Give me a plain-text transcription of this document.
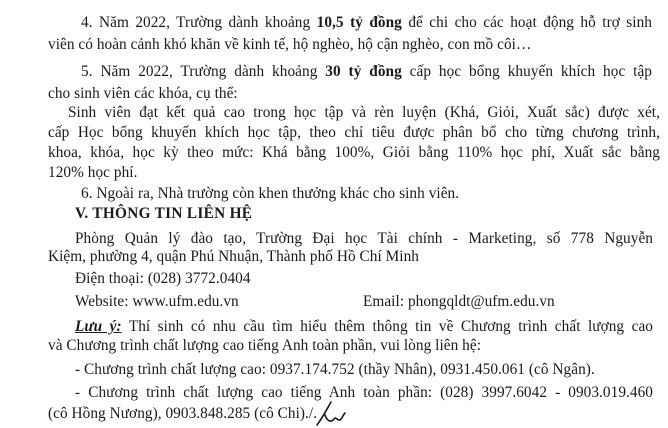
4. Năm 2022, Trường dành khoảng 10,5 tỷ đồng để chi cho các hoạt động hỗ trợ sinh
viên có hoàn cảnh khó khăn về kinh tế, hộ nghèo, hộ cận nghèo, con mồ côi…
5. Năm 2022, Trường dành khoảng 30 tỷ đồng cấp học bổng khuyến khích học tập
cho sinh viên các khóa, cụ thể:
Sinh viên đạt kết quả cao trong học tập và rèn luyện (Khá, Giỏi, Xuất sắc) được xét,
cấp Học bổng khuyến khích học tập, theo chỉ tiêu được phân bổ cho từng chương trình,
khoa, khóa, học kỳ theo mức: Khá bằng 100%, Giỏi bằng 110% học phí, Xuất sắc bằng
120% học phí.
6. Ngoài ra, Nhà trường còn khen thưởng khác cho sinh viên.
V. THÔNG TIN LIÊN HỆ
Phòng Quản lý đào tạo, Trường Đại học Tài chính - Marketing, số 778 Nguyễn
Kiệm, phường 4, quận Phú Nhuận, Thành phố Hồ Chí Minh
Điện thoại: (028) 3772.0404
Website: www.ufm.edu.vn	Email: phongqldt@ufm.edu.vn
Lưu ý: Thí sinh có nhu cầu tìm hiểu thêm thông tin về Chương trình chất lượng cao
và Chương trình chất lượng cao tiếng Anh toàn phần, vui lòng liên hệ:
- Chương trình chất lượng cao: 0937.174.752 (thầy Nhân), 0931.450.061 (cô Ngân).
- Chương trình chất lượng cao tiếng Anh toàn phần: (028) 3997.6042 - 0903.019.460
(cô Hồng Nương), 0903.848.285 (cô Chi)./.
